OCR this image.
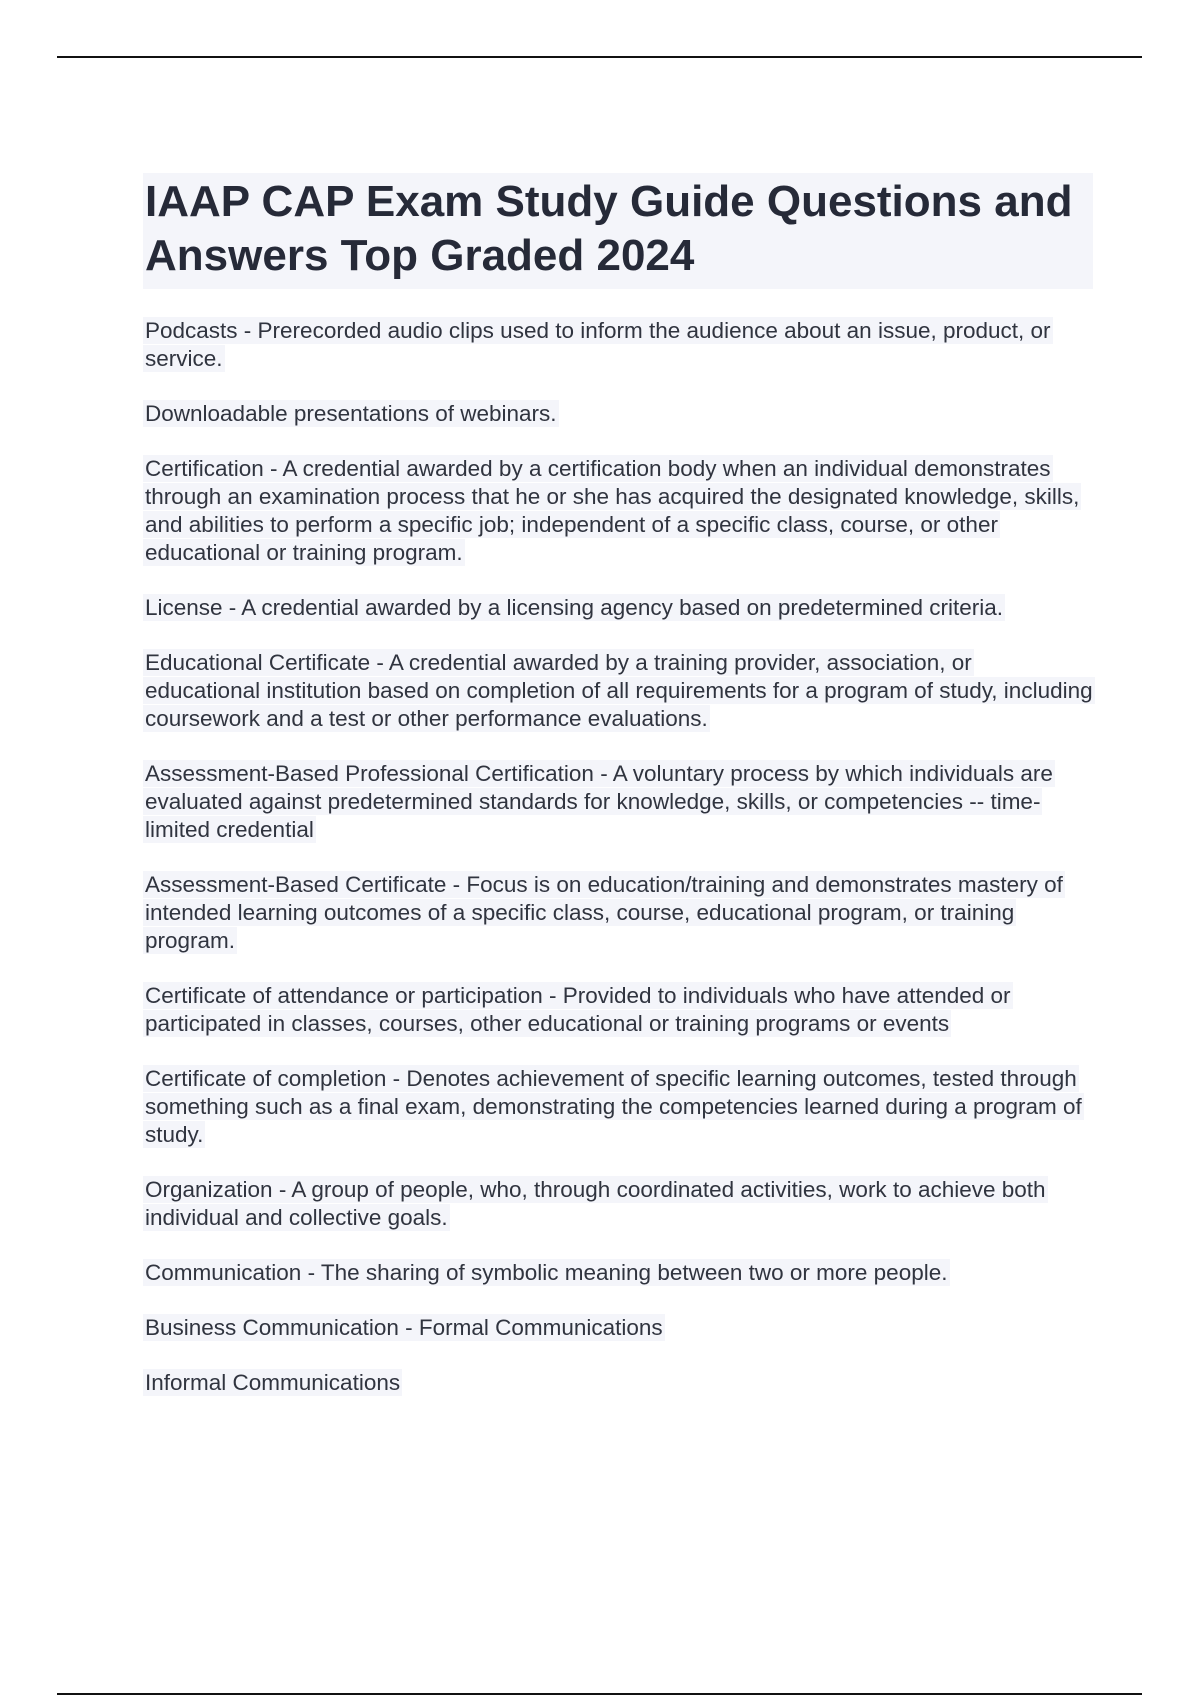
IAAP CAP Exam Study Guide Questions and Answers Top Graded 2024

Podcasts - Prerecorded audio clips used to inform the audience about an issue, product, or service.

Downloadable presentations of webinars.

Certification - A credential awarded by a certification body when an individual demonstrates through an examination process that he or she has acquired the designated knowledge, skills, and abilities to perform a specific job; independent of a specific class, course, or other educational or training program.

License - A credential awarded by a licensing agency based on predetermined criteria.

Educational Certificate - A credential awarded by a training provider, association, or educational institution based on completion of all requirements for a program of study, including coursework and a test or other performance evaluations.

Assessment-Based Professional Certification - A voluntary process by which individuals are evaluated against predetermined standards for knowledge, skills, or competencies -- time-limited credential

Assessment-Based Certificate - Focus is on education/training and demonstrates mastery of intended learning outcomes of a specific class, course, educational program, or training program.

Certificate of attendance or participation - Provided to individuals who have attended or participated in classes, courses, other educational or training programs or events

Certificate of completion - Denotes achievement of specific learning outcomes, tested through something such as a final exam, demonstrating the competencies learned during a program of study.

Organization - A group of people, who, through coordinated activities, work to achieve both individual and collective goals.

Communication - The sharing of symbolic meaning between two or more people.

Business Communication - Formal Communications

Informal Communications
